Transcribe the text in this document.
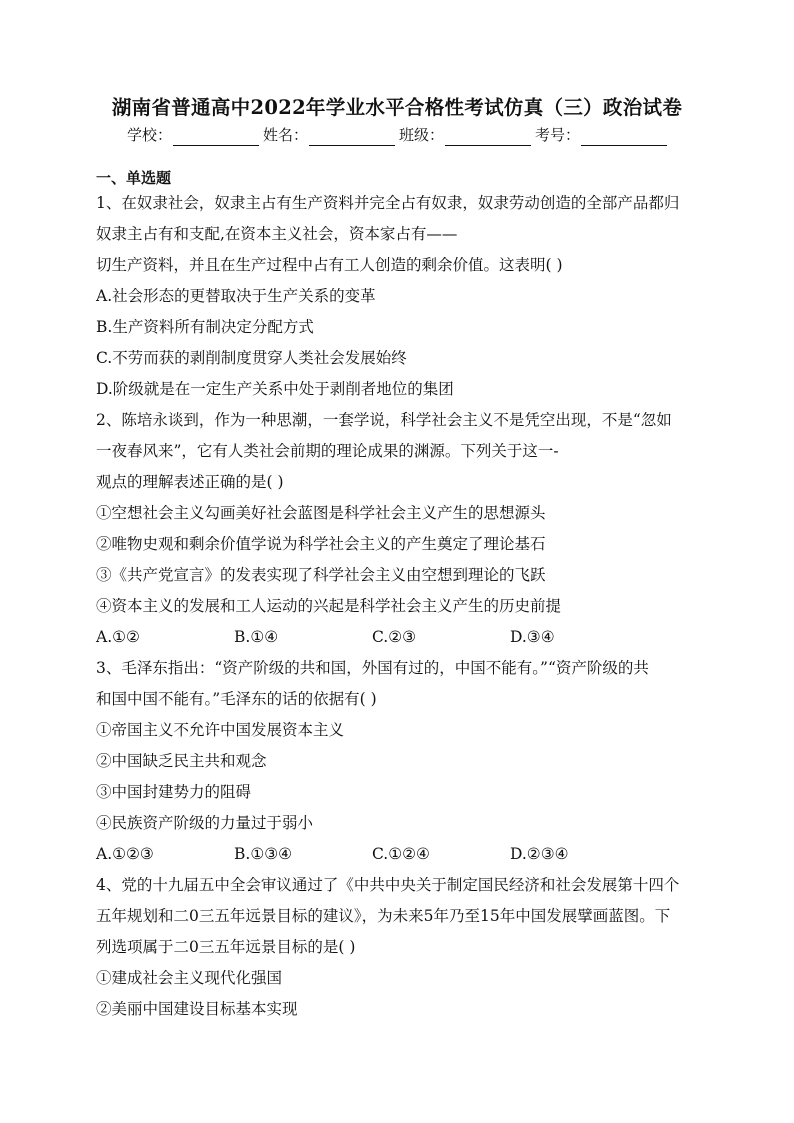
湖南省普通高中2022年学业水平合格性考试仿真（三）政治试卷
学校：	姓名：	班级：	考号：
一、单选题
1、在奴隶社会，奴隶主占有生产资料并完全占有奴隶，奴隶劳动创造的全部产品都归
奴隶主占有和支配,在资本主义社会，资本家占有——
切生产资料，并且在生产过程中占有工人创造的剩余价值。这表明( )
A.社会形态的更替取决于生产关系的变革
B.生产资料所有制决定分配方式
C.不劳而获的剥削制度贯穿人类社会发展始终
D.阶级就是在一定生产关系中处于剥削者地位的集团
2、陈培永谈到，作为一种思潮，一套学说，科学社会主义不是凭空出现，不是“忽如
一夜春风来”，它有人类社会前期的理论成果的渊源。下列关于这一-
观点的理解表述正确的是( )
①空想社会主义勾画美好社会蓝图是科学社会主义产生的思想源头
②唯物史观和剩余价值学说为科学社会主义的产生奠定了理论基石
③《共产党宣言》的发表实现了科学社会主义由空想到理论的飞跃
④资本主义的发展和工人运动的兴起是科学社会主义产生的历史前提
A.①②	B.①④	C.②③	D.③④
3、毛泽东指出：“资产阶级的共和国，外国有过的，中国不能有。”“资产阶级的共
和国中国不能有。”毛泽东的话的依据有( )
①帝国主义不允许中国发展资本主义
②中国缺乏民主共和观念
③中国封建势力的阻碍
④民族资产阶级的力量过于弱小
A.①②③	B.①③④	C.①②④	D.②③④
4、党的十九届五中全会审议通过了《中共中央关于制定国民经济和社会发展第十四个
五年规划和二0三五年远景目标的建议》，为未来5年乃至15年中国发展擘画蓝图。下
列选项属于二0三五年远景目标的是( )
①建成社会主义现代化强国
②美丽中国建设目标基本实现
